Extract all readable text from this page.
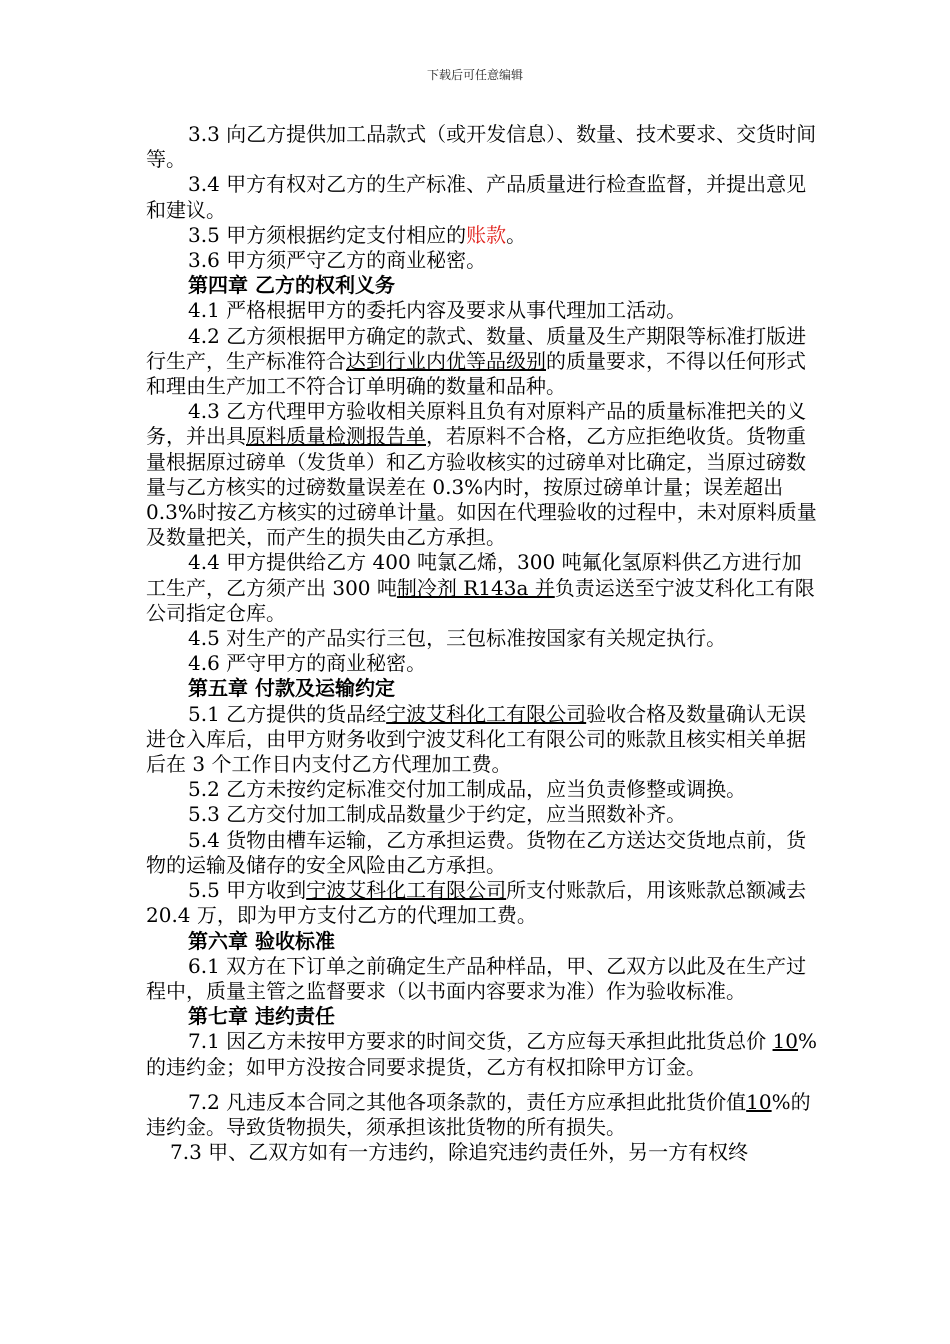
下载后可任意编辑

3.3 向乙方提供加工品款式（或开发信息）、数量、技术要求、交货时间等。

3.4 甲方有权对乙方的生产标准、产品质量进行检查监督，并提出意见和建议。

3.5 甲方须根据约定支付相应的账款。

3.6 甲方须严守乙方的商业秘密。

第四章 乙方的权利义务

4.1 严格根据甲方的委托内容及要求从事代理加工活动。

4.2 乙方须根据甲方确定的款式、数量、质量及生产期限等标准打版进行生产，生产标准符合达到行业内优等品级别的质量要求，不得以任何形式和理由生产加工不符合订单明确的数量和品种。

4.3 乙方代理甲方验收相关原料且负有对原料产品的质量标准把关的义务，并出具原料质量检测报告单，若原料不合格，乙方应拒绝收货。货物重量根据原过磅单（发货单）和乙方验收核实的过磅单对比确定，当原过磅数量与乙方核实的过磅数量误差在 0.3%内时，按原过磅单计量；误差超出 0.3%时按乙方核实的过磅单计量。如因在代理验收的过程中，未对原料质量及数量把关，而产生的损失由乙方承担。

4.4 甲方提供给乙方 400 吨氯乙烯，300 吨氟化氢原料供乙方进行加工生产，乙方须产出 300 吨制冷剂 R143a 并负责运送至宁波艾科化工有限公司指定仓库。

4.5 对生产的产品实行三包，三包标准按国家有关规定执行。

4.6 严守甲方的商业秘密。

第五章 付款及运输约定

5.1 乙方提供的货品经宁波艾科化工有限公司验收合格及数量确认无误进仓入库后，由甲方财务收到宁波艾科化工有限公司的账款且核实相关单据后在 3 个工作日内支付乙方代理加工费。

5.2 乙方未按约定标准交付加工制成品，应当负责修整或调换。

5.3 乙方交付加工制成品数量少于约定，应当照数补齐。

5.4 货物由槽车运输，乙方承担运费。货物在乙方送达交货地点前，货物的运输及储存的安全风险由乙方承担。

5.5 甲方收到宁波艾科化工有限公司所支付账款后，用该账款总额减去 20.4 万，即为甲方支付乙方的代理加工费。

第六章 验收标准

6.1 双方在下订单之前确定生产品种样品，甲、乙双方以此及在生产过程中，质量主管之监督要求（以书面内容要求为准）作为验收标准。

第七章 违约责任

7.1 因乙方未按甲方要求的时间交货，乙方应每天承担此批货总价 10%的违约金；如甲方没按合同要求提货，乙方有权扣除甲方订金。

7.2 凡违反本合同之其他各项条款的，责任方应承担此批货价值10%的违约金。导致货物损失，须承担该批货物的所有损失。

7.3 甲、乙双方如有一方违约，除追究违约责任外，另一方有权终
